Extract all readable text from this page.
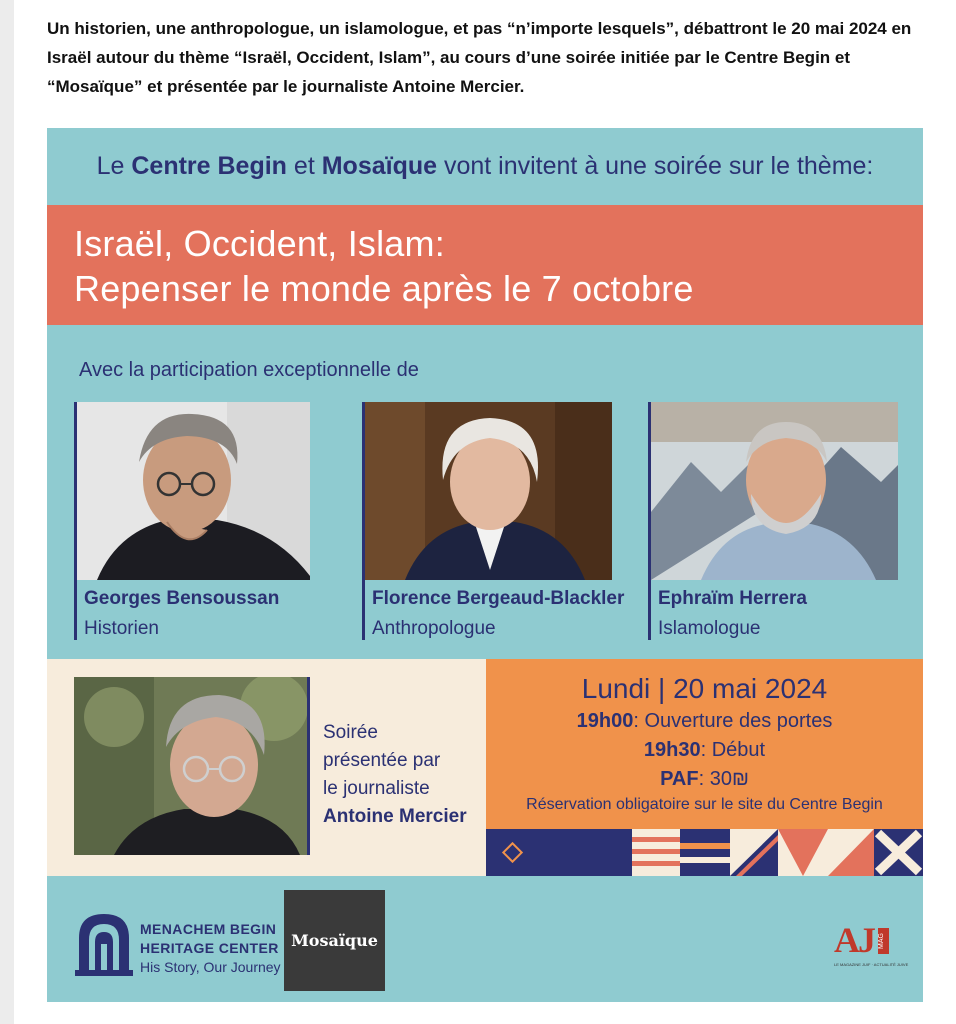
Un historien, une anthropologue, un islamologue, et pas “n’importe lesquels”, débattront le 20 mai 2024 en Israël autour du thème “Israël, Occident, Islam”, au cours d’une soirée initiée par le Centre Begin et “Mosaïque” et présentée par le journaliste Antoine Mercier.

Le Centre Begin et Mosaïque vont invitent à une soirée sur le thème:
Israël, Occident, Islam:
Repenser le monde après le 7 octobre
Avec la participation exceptionnelle de
Georges Bensoussan
Historien
Florence Bergeaud-Blackler
Anthropologue
Ephraïm Herrera
Islamologue
Soirée
présentée par
le journaliste
Antoine Mercier
Lundi | 20 mai 2024
19h00: Ouverture des portes
19h30: Début
PAF: 30₪
Réservation obligatoire sur le site du Centre Begin
MENACHEM BEGIN
HERITAGE CENTER
His Story, Our Journey
Mosaïque	AJ MAG
LE MAGAZINE JUIF · ACTUALITÉ JUIVE
